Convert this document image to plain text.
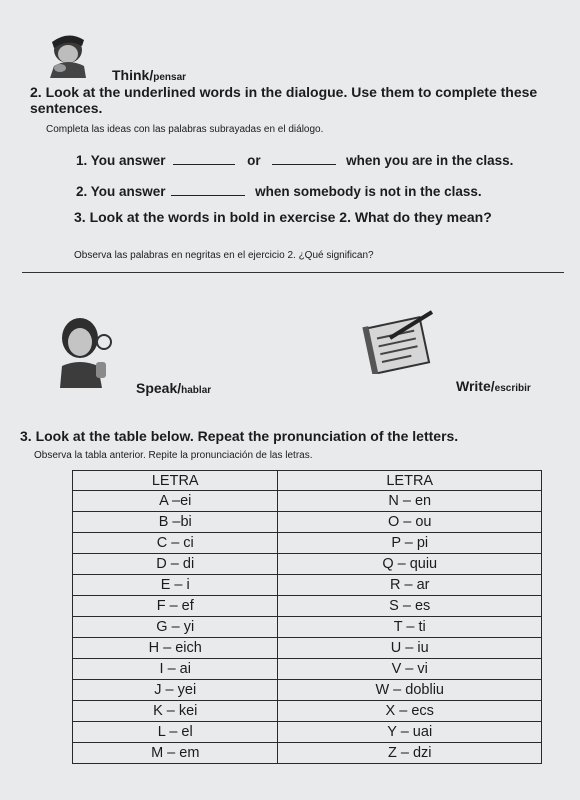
Think/pensar
2. Look at the underlined words in the dialogue. Use them to complete these sentences.
Completa las ideas con las palabras subrayadas en el diálogo.
1. You answer	or	when you are in the class.
2. You answer	when somebody is not in the class.
3. Look at the words in bold in exercise 2. What do they mean?
Observa las palabras en negritas en el ejercicio 2. ¿Qué significan?
Speak/hablar	Write/escribir
3. Look at the table below. Repeat the pronunciation of the letters.
Observa la tabla anterior. Repite la pronunciación de las letras.
LETRA	LETRA
A –ei	N – en
B –bi	O – ou
C – ci	P – pi
D – di	Q – quiu
E – i	R – ar
F – ef	S – es
G – yi	T – ti
H – eich	U – iu
I – ai	V – vi
J – yei	W – dobliu
K – kei	X – ecs
L – el	Y – uai
M – em	Z – dzi
